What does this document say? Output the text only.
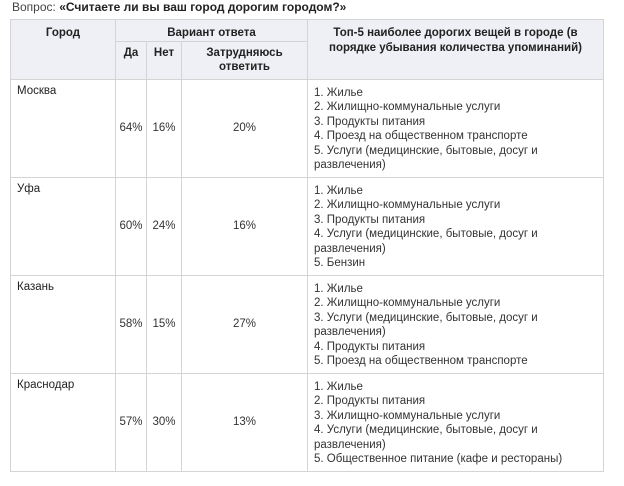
Вопрос: «Считаете ли вы ваш город дорогим городом?»
Город	Вариант ответа			Топ-5 наиболее дорогих вещей в городе (в порядке убывания количества упоминаний)
	Да	Нет	Затрудняюсь ответить	
Москва	64%	16%	20%	1. Жилье
2. Жилищно-коммунальные услуги
3. Продукты питания
4. Проезд на общественном транспорте
5. Услуги (медицинские, бытовые, досуг и развлечения)

Уфа	60%	24%	16%	1. Жилье
2. Жилищно-коммунальные услуги
3. Продукты питания
4. Услуги (медицинские, бытовые, досуг и развлечения)
5. Бензин

Казань	58%	15%	27%	1. Жилье
2. Жилищно-коммунальные услуги
3. Услуги (медицинские, бытовые, досуг и развлечения)
4. Продукты питания
5. Проезд на общественном транспорте

Краснодар	57%	30%	13%	1. Жилье
2. Продукты питания
3. Жилищно-коммунальные услуги
4. Услуги (медицинские, бытовые, досуг и развлечения)
5. Общественное питание (кафе и рестораны)
